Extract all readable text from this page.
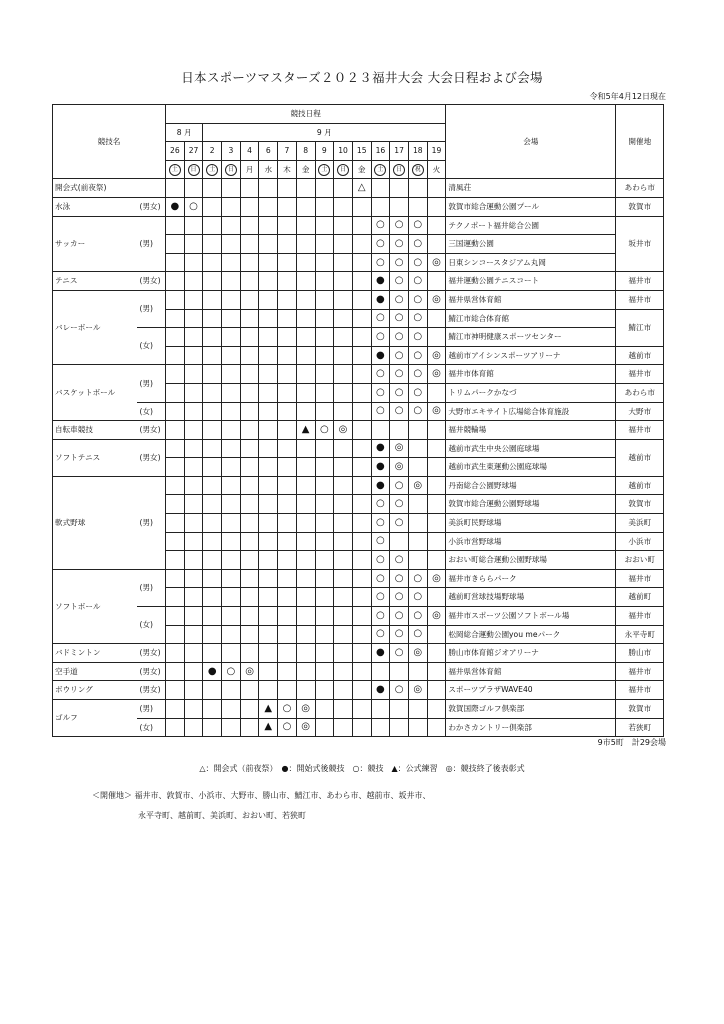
日本スポーツマスターズ２０２３福井大会 大会日程および会場
令和5年4月12日現在
競技名		競技日程															会場	開催地
		8 月		9 月														
		26	27	2	3	4	6	7	8	9	10	15	16	17	18	19		
		土	日	土	日	月	水	木	金	土	日	金	土	日	祝	火		
開会式(前夜祭)												△					清風荘	あわら市
水泳	(男女)	●	○														敦賀市総合運動公園プール	敦賀市
サッカー	(男)												○	○	○		テクノポート福井総合公園	坂井市
													○	○	○		三国運動公園	
													○	○	○	◎	日東シンコースタジアム丸岡	
テニス	(男女)												●	○	○		福井運動公園テニスコート	福井市
バレーボール	(男)												●	○	○	◎	福井県営体育館	福井市
													○	○	○		鯖江市総合体育館	鯖江市
	(女)												○	○	○		鯖江市神明健康スポーツセンター	
													●	○	○	◎	越前市アイシンスポーツアリーナ	越前市
バスケットボール	(男)												○	○	○	◎	福井市体育館	福井市
													○	○	○		トリムパークかなづ	あわら市
	(女)												○	○	○	◎	大野市エキサイト広場総合体育施設	大野市
自転車競技	(男女)								▲	○	◎						福井競輪場	福井市
ソフトテニス	(男女)												●	◎			越前市武生中央公園庭球場	越前市
													●	◎			越前市武生東運動公園庭球場	
軟式野球	(男)												●	○	◎		丹南総合公園野球場	越前市
													○	○			敦賀市総合運動公園野球場	敦賀市
													○	○			美浜町民野球場	美浜町
													○				小浜市営野球場	小浜市
													○	○			おおい町総合運動公園野球場	おおい町
ソフトボール	(男)												○	○	○	◎	福井市きららパーク	福井市
													○	○	○		越前町営球技場野球場	越前町
	(女)												○	○	○	◎	福井市スポーツ公園ソフトボール場	福井市
													○	○	○		松岡総合運動公園you meパーク	永平寺町
バドミントン	(男女)												●	○	◎		勝山市体育館ジオアリーナ	勝山市
空手道	(男女)			●	○	◎											福井県営体育館	福井市
ボウリング	(男女)												●	○	◎		スポーツプラザWAVE40	福井市
ゴルフ	(男)						▲	○	◎								敦賀国際ゴルフ倶楽部	敦賀市
	(女)						▲	○	◎								わかさカントリー倶楽部	若狭町
9市5町　計29会場
△：開会式（前夜祭）　●：開始式後競技　○：競技　▲：公式練習　◎：競技終了後表彰式
＜開催地＞ 福井市、敦賀市、小浜市、大野市、勝山市、鯖江市、あわら市、越前市、坂井市、
永平寺町、越前町、美浜町、おおい町、若狭町
